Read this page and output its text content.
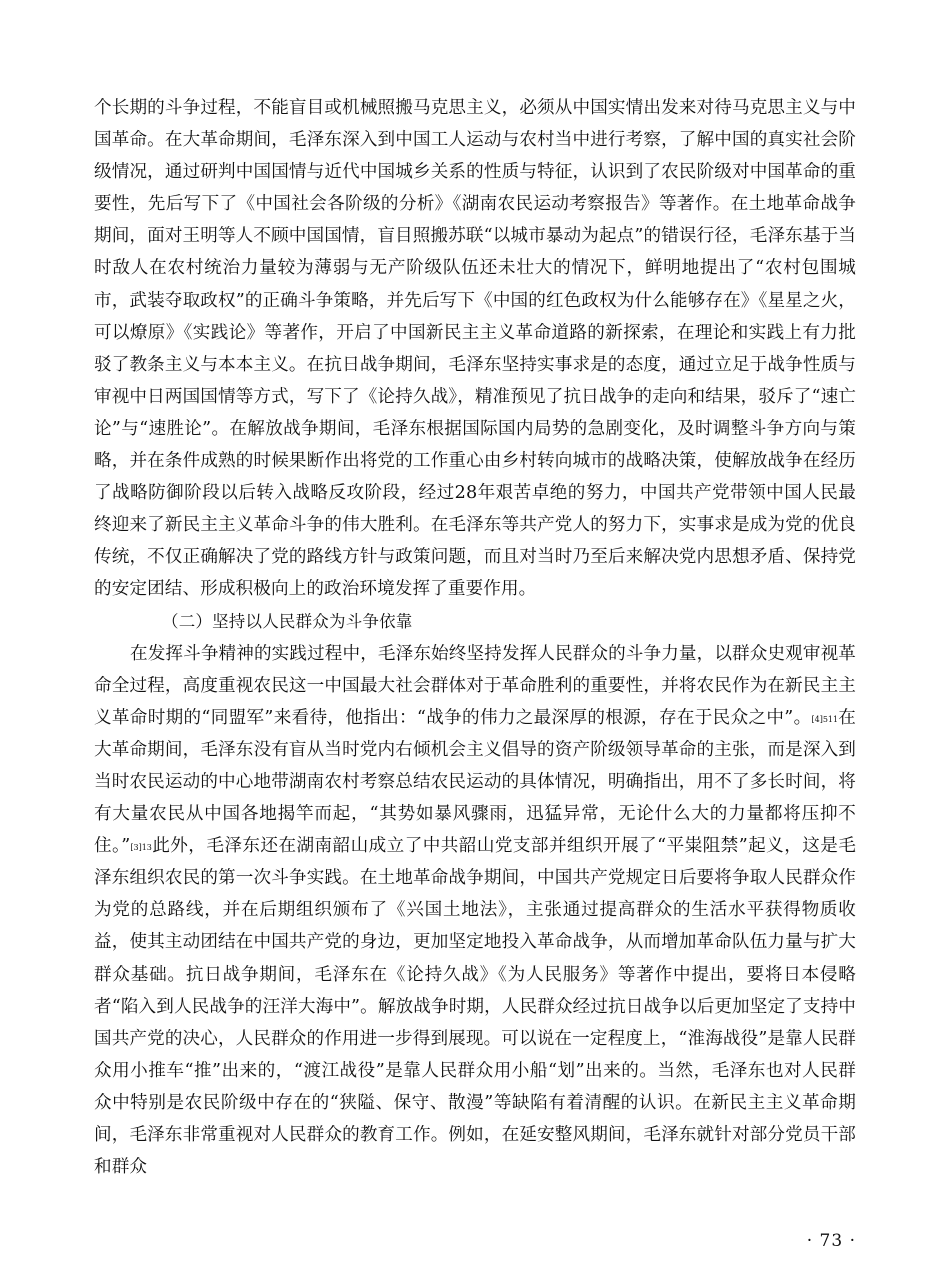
个长期的斗争过程，不能盲目或机械照搬马克思主义，必须从中国实情出发来对待马克思主义与中国革命。在大革命期间，毛泽东深入到中国工人运动与农村当中进行考察，了解中国的真实社会阶级情况，通过研判中国国情与近代中国城乡关系的性质与特征，认识到了农民阶级对中国革命的重要性，先后写下了《中国社会各阶级的分析》《湖南农民运动考察报告》等著作。在土地革命战争期间，面对王明等人不顾中国国情，盲目照搬苏联“以城市暴动为起点”的错误行径，毛泽东基于当时敌人在农村统治力量较为薄弱与无产阶级队伍还未壮大的情况下，鲜明地提出了“农村包围城市，武装夺取政权”的正确斗争策略，并先后写下《中国的红色政权为什么能够存在》《星星之火，可以燎原》《实践论》等著作，开启了中国新民主主义革命道路的新探索，在理论和实践上有力批驳了教条主义与本本主义。在抗日战争期间，毛泽东坚持实事求是的态度，通过立足于战争性质与审视中日两国国情等方式，写下了《论持久战》，精准预见了抗日战争的走向和结果，驳斥了“速亡论”与“速胜论”。在解放战争期间，毛泽东根据国际国内局势的急剧变化，及时调整斗争方向与策略，并在条件成熟的时候果断作出将党的工作重心由乡村转向城市的战略决策，使解放战争在经历了战略防御阶段以后转入战略反攻阶段，经过28年艰苦卓绝的努力，中国共产党带领中国人民最终迎来了新民主主义革命斗争的伟大胜利。在毛泽东等共产党人的努力下，实事求是成为党的优良传统，不仅正确解决了党的路线方针与政策问题，而且对当时乃至后来解决党内思想矛盾、保持党的安定团结、形成积极向上的政治环境发挥了重要作用。

（二）坚持以人民群众为斗争依靠

在发挥斗争精神的实践过程中，毛泽东始终坚持发挥人民群众的斗争力量，以群众史观审视革命全过程，高度重视农民这一中国最大社会群体对于革命胜利的重要性，并将农民作为在新民主主义革命时期的“同盟军”来看待，他指出：“战争的伟力之最深厚的根源，存在于民众之中”。$^{[4]511}$在大革命期间，毛泽东没有盲从当时党内右倾机会主义倡导的资产阶级领导革命的主张，而是深入到当时农民运动的中心地带湖南农村考察总结农民运动的具体情况，明确指出，用不了多长时间，将有大量农民从中国各地揭竿而起，“其势如暴风骤雨，迅猛异常，无论什么大的力量都将压抑不住。”$^{[3]13}$此外，毛泽东还在湖南韶山成立了中共韶山党支部并组织开展了“平粜阻禁”起义，这是毛泽东组织农民的第一次斗争实践。在土地革命战争期间，中国共产党规定日后要将争取人民群众作为党的总路线，并在后期组织颁布了《兴国土地法》，主张通过提高群众的生活水平获得物质收益，使其主动团结在中国共产党的身边，更加坚定地投入革命战争，从而增加革命队伍力量与扩大群众基础。抗日战争期间，毛泽东在《论持久战》《为人民服务》等著作中提出，要将日本侵略者“陷入到人民战争的汪洋大海中”。解放战争时期，人民群众经过抗日战争以后更加坚定了支持中国共产党的决心，人民群众的作用进一步得到展现。可以说在一定程度上，“淮海战役”是靠人民群众用小推车“推”出来的，“渡江战役”是靠人民群众用小船“划”出来的。当然，毛泽东也对人民群众中特别是农民阶级中存在的“狭隘、保守、散漫”等缺陷有着清醒的认识。在新民主主义革命期间，毛泽东非常重视对人民群众的教育工作。例如，在延安整风期间，毛泽东就针对部分党员干部和群众

· 73 ·
